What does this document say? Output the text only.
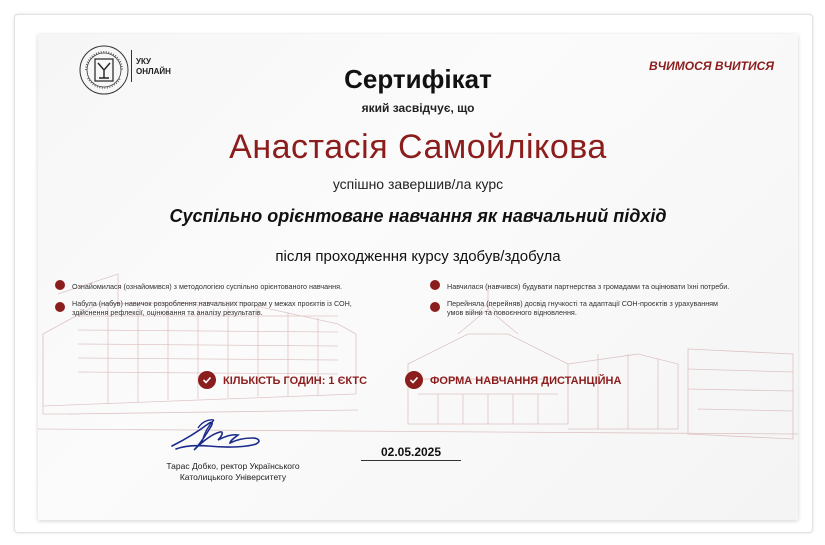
УКУ
ОНЛАЙН	ВЧИМОСЯ ВЧИТИСЯ
Сертифікат
який засвідчує, що
Анастасія Самойлікова
успішно завершив/ла курс
Суспільно орієнтоване навчання як навчальний підхід
після проходження курсу здобув/здобула
Ознайомилася (ознайомився) з методологією суспільно орієнтованого навчання.
Набула (набув) навичок розроблення навчальних програм у межах проєктів із СОН,
здійснення рефлексії, оцінювання та аналізу результатів.
Навчилася (навчився) будувати партнерства з громадами та оцінювати їхні потреби.
Перейняла (перейняв) досвід гнучкості та адаптації СОН-проєктів з урахуванням
умов війни та повоєнного відновлення.
КІЛЬКІСТЬ ГОДИН: 1 ЄКТС	ФОРМА НАВЧАННЯ ДИСТАНЦІЙНА
Тарас Добко, ректор Українського
Католицького Університету
02.05.2025
